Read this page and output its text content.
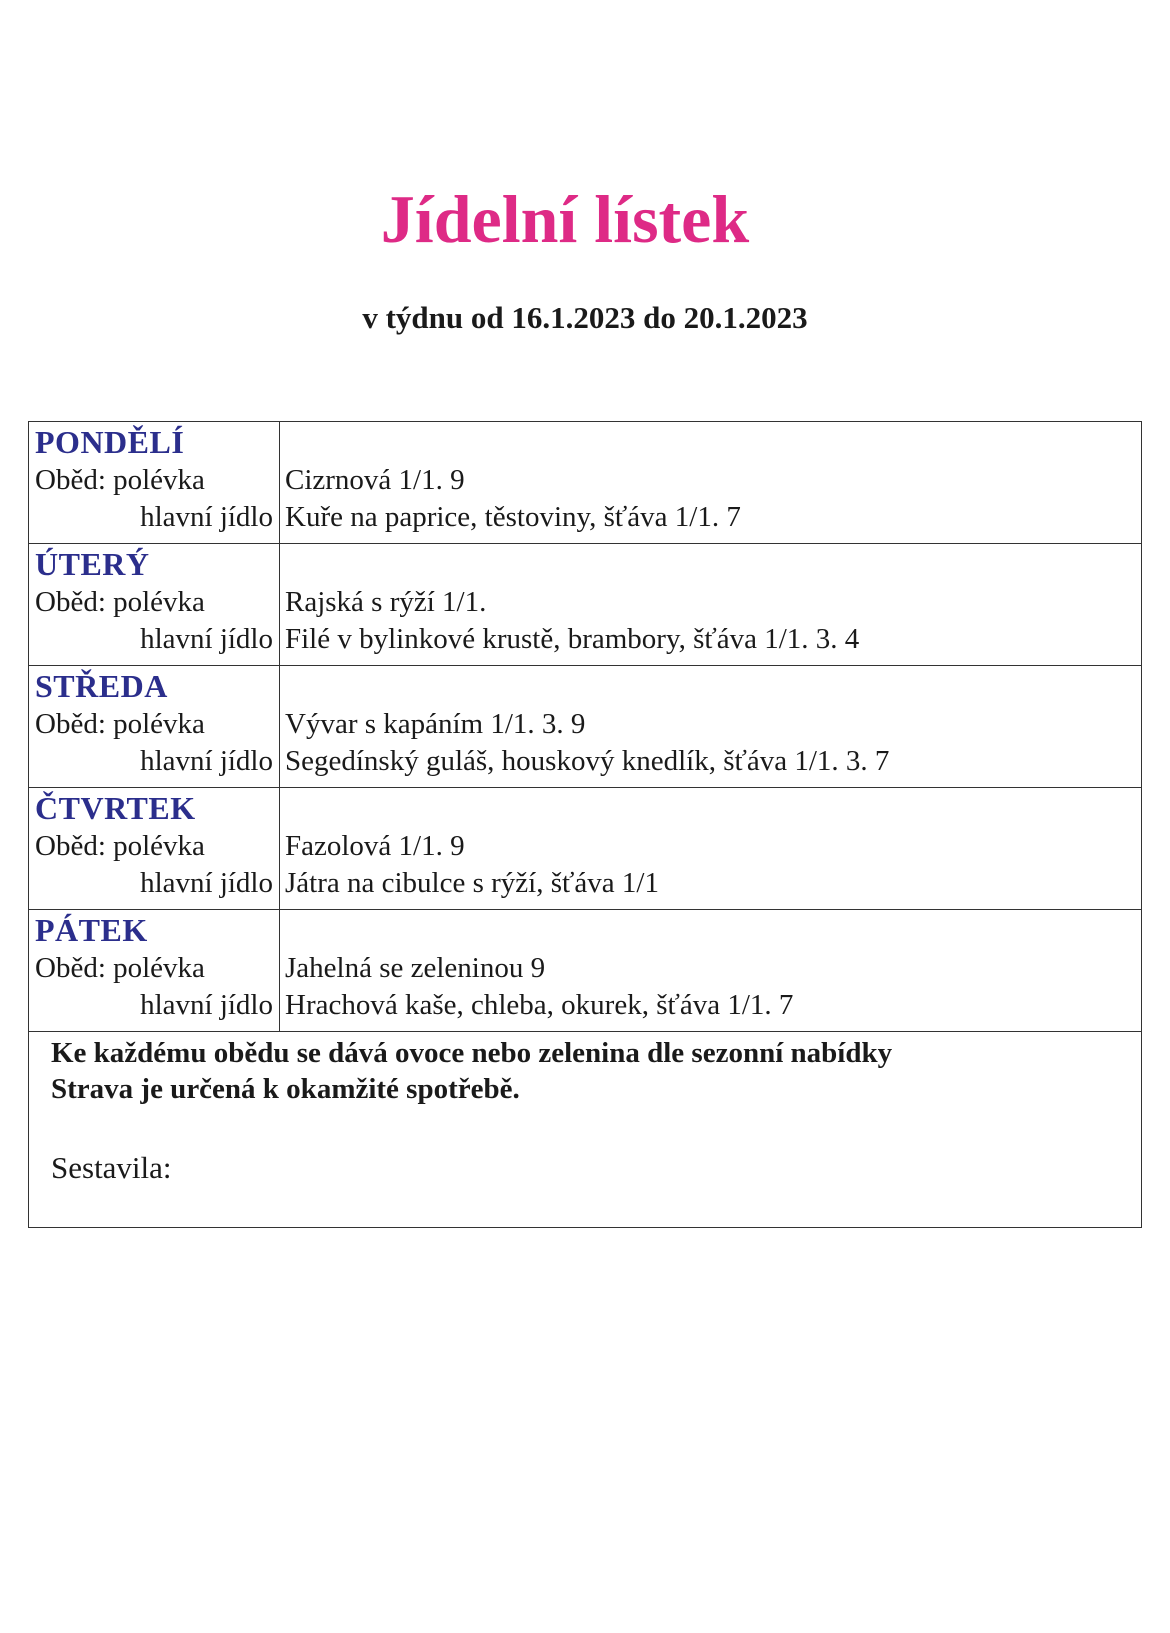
Jídelní lístek
v týdnu od 16.1.2023 do 20.1.2023
PONDĚLÍ
Oběd: polévka
hlavní jídlo
Cizrnová 1/1. 9
Kuře na paprice, těstoviny, šťáva 1/1. 7
ÚTERÝ
Oběd: polévka
hlavní jídlo
Rajská s rýží 1/1.
Filé v bylinkové krustě, brambory, šťáva 1/1. 3. 4
STŘEDA
Oběd: polévka
hlavní jídlo
Vývar s kapáním 1/1. 3. 9
Segedínský guláš, houskový knedlík, šťáva 1/1. 3. 7
ČTVRTEK
Oběd: polévka
hlavní jídlo
Fazolová 1/1. 9
Játra na cibulce s rýží, šťáva 1/1
PÁTEK
Oběd: polévka
hlavní jídlo
Jahelná se zeleninou 9
Hrachová kaše, chleba, okurek, šťáva 1/1. 7
Ke každému obědu se dává ovoce nebo zelenina dle sezonní nabídky
Strava je určená k okamžité spotřebě.
Sestavila:
